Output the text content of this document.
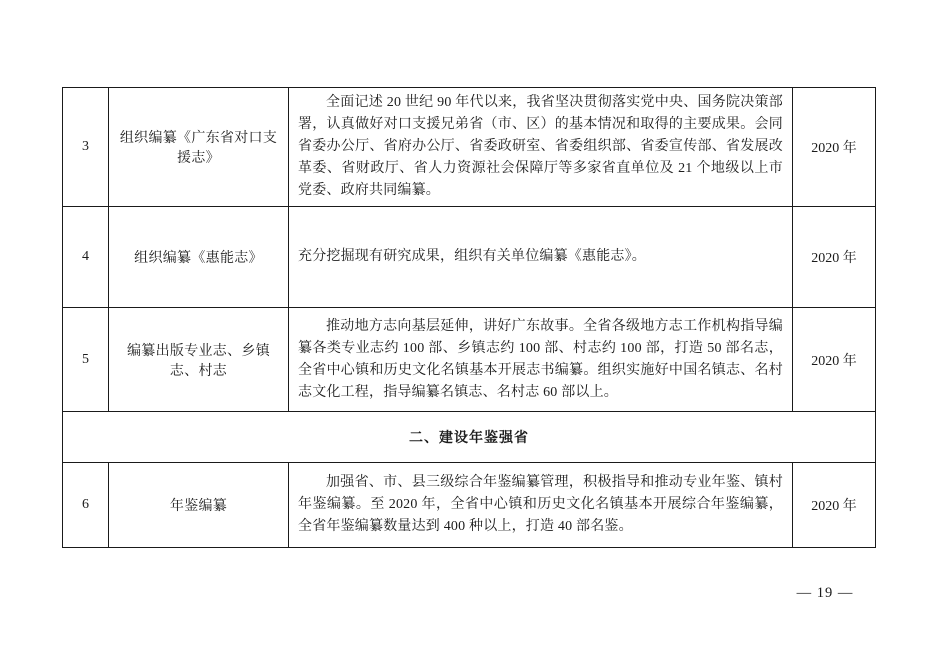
3	组织编纂《广东省对口支援志》	全面记述 20 世纪 90 年代以来，我省坚决贯彻落实党中央、国务院决策部署，认真做好对口支援兄弟省（市、区）的基本情况和取得的主要成果。会同省委办公厅、省府办公厅、省委政研室、省委组织部、省委宣传部、省发展改革委、省财政厅、省人力资源社会保障厅等多家省直单位及 21 个地级以上市党委、政府共同编纂。	2020 年
4	组织编纂《惠能志》	充分挖掘现有研究成果，组织有关单位编纂《惠能志》。	2020 年
5	编纂出版专业志、乡镇志、村志	推动地方志向基层延伸，讲好广东故事。全省各级地方志工作机构指导编纂各类专业志约 100 部、乡镇志约 100 部、村志约 100 部，打造 50 部名志，全省中心镇和历史文化名镇基本开展志书编纂。组织实施好中国名镇志、名村志文化工程，指导编纂名镇志、名村志 60 部以上。	2020 年
二、建设年鉴强省			
6	年鉴编纂	加强省、市、县三级综合年鉴编纂管理，积极指导和推动专业年鉴、镇村年鉴编纂。至 2020 年，全省中心镇和历史文化名镇基本开展综合年鉴编纂，全省年鉴编纂数量达到 400 种以上，打造 40 部名鉴。	2020 年
— 19 —
